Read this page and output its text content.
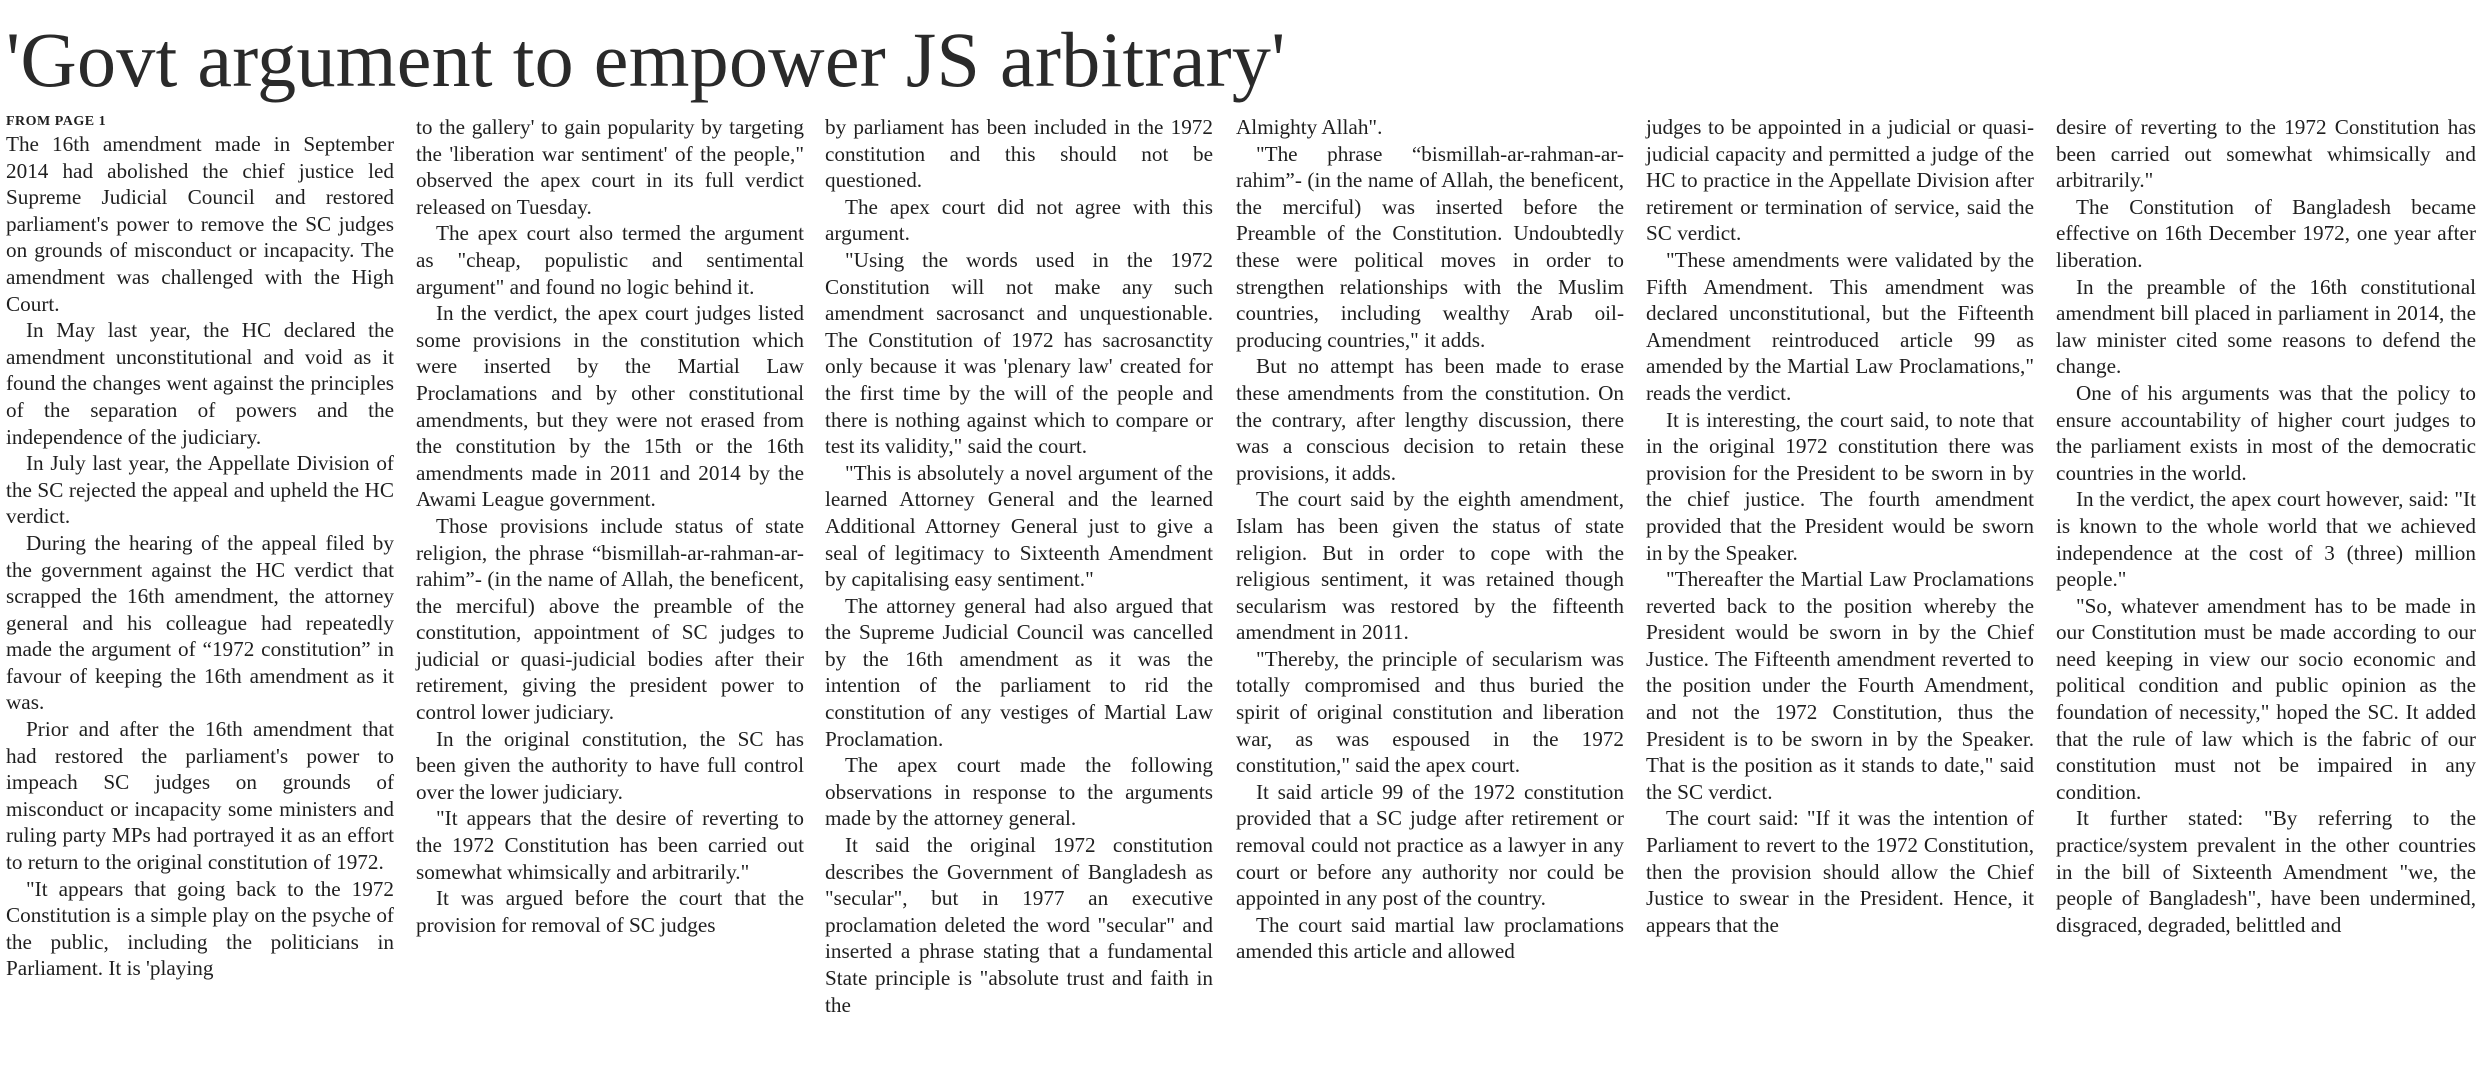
'Govt argument to empower JS arbitrary'
FROM PAGE 1

The 16th amendment made in September 2014 had abolished the chief justice led Supreme Judicial Council and restored parliament's power to remove the SC judges on grounds of misconduct or incapacity. The amendment was challenged with the High Court.

In May last year, the HC declared the amendment unconstitutional and void as it found the changes went against the principles of the separation of powers and the independence of the judiciary.

In July last year, the Appellate Division of the SC rejected the appeal and upheld the HC verdict.

During the hearing of the appeal filed by the government against the HC verdict that scrapped the 16th amendment, the attorney general and his colleague had repeatedly made the argument of “1972 constitution” in favour of keeping the 16th amendment as it was.

Prior and after the 16th amendment that had restored the parliament's power to impeach SC judges on grounds of misconduct or incapacity some ministers and ruling party MPs had portrayed it as an effort to return to the original constitution of 1972.

"It appears that going back to the 1972 Constitution is a simple play on the psyche of the public, including the politicians in Parliament. It is 'playing

to the gallery' to gain popularity by targeting the 'liberation war sentiment' of the people," observed the apex court in its full verdict released on Tuesday.

The apex court also termed the argument as "cheap, populistic and sentimental argument" and found no logic behind it.

In the verdict, the apex court judges listed some provisions in the constitution which were inserted by the Martial Law Proclamations and by other constitutional amendments, but they were not erased from the constitution by the 15th or the 16th amendments made in 2011 and 2014 by the Awami League government.

Those provisions include status of state religion, the phrase “bismillah-ar-rahman-ar-rahim”- (in the name of Allah, the beneficent, the merciful) above the preamble of the constitution, appointment of SC judges to judicial or quasi-judicial bodies after their retirement, giving the president power to control lower judiciary.

In the original constitution, the SC has been given the authority to have full control over the lower judiciary.

"It appears that the desire of reverting to the 1972 Constitution has been carried out somewhat whimsically and arbitrarily."

It was argued before the court that the provision for removal of SC judges

by parliament has been included in the 1972 constitution and this should not be questioned.

The apex court did not agree with this argument.

"Using the words used in the 1972 Constitution will not make any such amendment sacrosanct and unquestionable. The Constitution of 1972 has sacrosanctity only because it was 'plenary law' created for the first time by the will of the people and there is nothing against which to compare or test its validity," said the court.

"This is absolutely a novel argument of the learned Attorney General and the learned Additional Attorney General just to give a seal of legitimacy to Sixteenth Amendment by capitalising easy sentiment."

The attorney general had also argued that the Supreme Judicial Council was cancelled by the 16th amendment as it was the intention of the parliament to rid the constitution of any vestiges of Martial Law Proclamation.

The apex court made the following observations in response to the arguments made by the attorney general.

It said the original 1972 constitution describes the Government of Bangladesh as "secular", but in 1977 an executive proclamation deleted the word "secular" and inserted a phrase stating that a fundamental State principle is "absolute trust and faith in the

Almighty Allah".

"The phrase “bismillah-ar-rahman-ar-rahim”- (in the name of Allah, the beneficent, the merciful) was inserted before the Preamble of the Constitution. Undoubtedly these were political moves in order to strengthen relationships with the Muslim countries, including wealthy Arab oil-producing countries," it adds.

But no attempt has been made to erase these amendments from the constitution. On the contrary, after lengthy discussion, there was a conscious decision to retain these provisions, it adds.

The court said by the eighth amendment, Islam has been given the status of state religion. But in order to cope with the religious sentiment, it was retained though secularism was restored by the fifteenth amendment in 2011.

"Thereby, the principle of secularism was totally compromised and thus buried the spirit of original constitution and liberation war, as was espoused in the 1972 constitution," said the apex court.

It said article 99 of the 1972 constitution provided that a SC judge after retirement or removal could not practice as a lawyer in any court or before any authority nor could be appointed in any post of the country.

The court said martial law proclamations amended this article and allowed

judges to be appointed in a judicial or quasi-judicial capacity and permitted a judge of the HC to practice in the Appellate Division after retirement or termination of service, said the SC verdict.

"These amendments were validated by the Fifth Amendment. This amendment was declared unconstitutional, but the Fifteenth Amendment reintroduced article 99 as amended by the Martial Law Proclamations," reads the verdict.

It is interesting, the court said, to note that in the original 1972 constitution there was provision for the President to be sworn in by the chief justice. The fourth amendment provided that the President would be sworn in by the Speaker.

"Thereafter the Martial Law Proclamations reverted back to the position whereby the President would be sworn in by the Chief Justice. The Fifteenth amendment reverted to the position under the Fourth Amendment, and not the 1972 Constitution, thus the President is to be sworn in by the Speaker. That is the position as it stands to date," said the SC verdict.

The court said: "If it was the intention of Parliament to revert to the 1972 Constitution, then the provision should allow the Chief Justice to swear in the President. Hence, it appears that the

desire of reverting to the 1972 Constitution has been carried out somewhat whimsically and arbitrarily."

The Constitution of Bangladesh became effective on 16th December 1972, one year after liberation.

In the preamble of the 16th constitutional amendment bill placed in parliament in 2014, the law minister cited some reasons to defend the change.

One of his arguments was that the policy to ensure accountability of higher court judges to the parliament exists in most of the democratic countries in the world.

In the verdict, the apex court however, said: "It is known to the whole world that we achieved independence at the cost of 3 (three) million people."

"So, whatever amendment has to be made in our Constitution must be made according to our need keeping in view our socio economic and political condition and public opinion as the foundation of necessity," hoped the SC. It added that the rule of law which is the fabric of our constitution must not be impaired in any condition.

It further stated: "By referring to the practice/system prevalent in the other countries in the bill of Sixteenth Amendment "we, the people of Bangladesh", have been undermined, disgraced, degraded, belittled and
